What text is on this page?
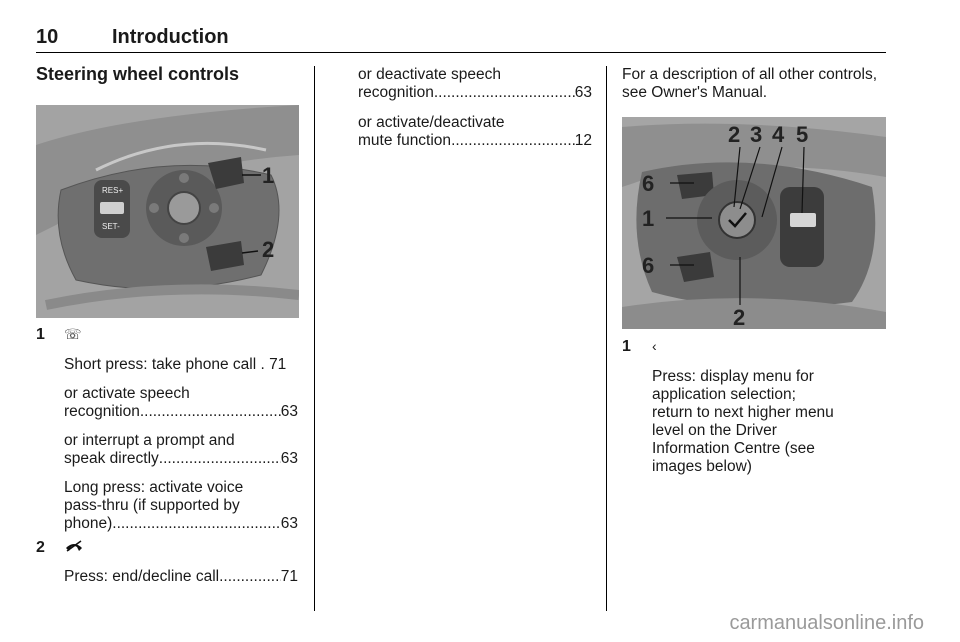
10	Introduction
Steering wheel controls
RES+
SET-
1
2
1 ☏
Short press: take phone call . 71
or activate speech
recognition .....	63
or interrupt a prompt and
speak directly .....	63
Long press: activate voice
pass-thru (if supported by
phone) .....	63
2
Press: end/decline call .....	71
or deactivate speech
recognition .....	63
or activate/deactivate
mute function .....	12
For a description of all other controls,
see Owner's Manual.
2 3 4 5
6
1
6
2
1 ‹
Press: display menu for
application selection;
return to next higher menu
level on the Driver
Information Centre (see
images below)
carmanualsonline.info
